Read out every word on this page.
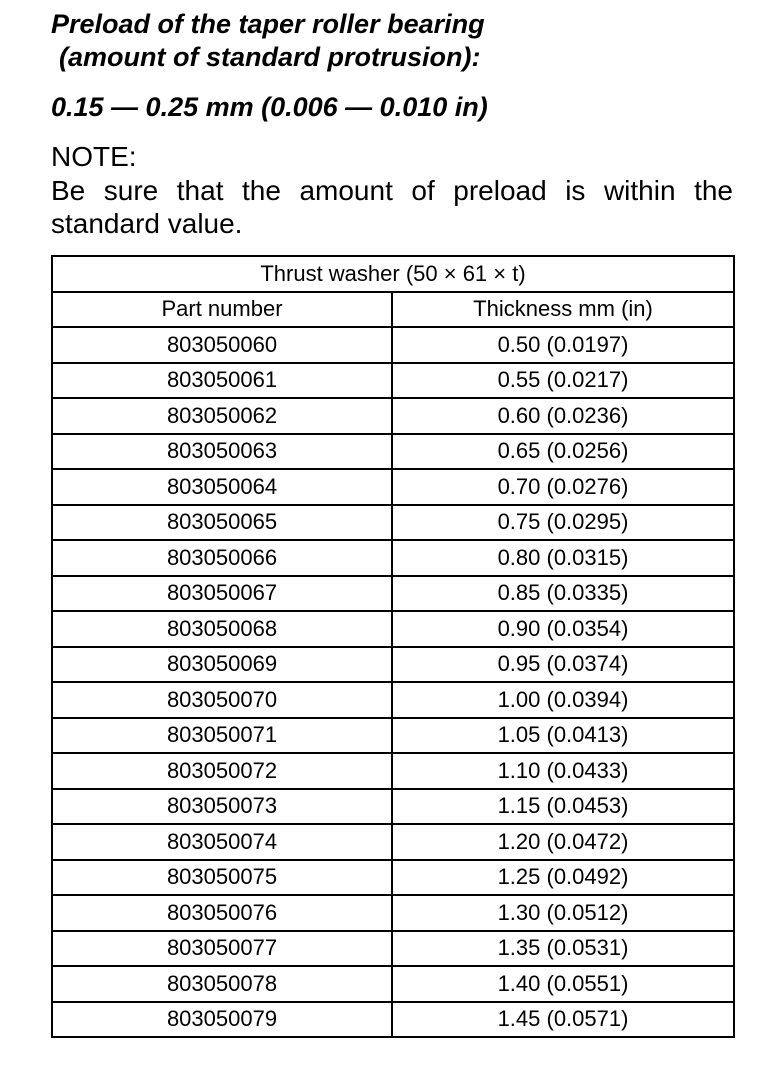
Preload of the taper roller bearing
(amount of standard protrusion):
0.15 — 0.25 mm (0.006 — 0.010 in)
NOTE:
Be sure that the amount of preload is within the standard value.
Thrust washer (50 × 61 × t)	
Part number	Thickness mm (in)
803050060	0.50 (0.0197)
803050061	0.55 (0.0217)
803050062	0.60 (0.0236)
803050063	0.65 (0.0256)
803050064	0.70 (0.0276)
803050065	0.75 (0.0295)
803050066	0.80 (0.0315)
803050067	0.85 (0.0335)
803050068	0.90 (0.0354)
803050069	0.95 (0.0374)
803050070	1.00 (0.0394)
803050071	1.05 (0.0413)
803050072	1.10 (0.0433)
803050073	1.15 (0.0453)
803050074	1.20 (0.0472)
803050075	1.25 (0.0492)
803050076	1.30 (0.0512)
803050077	1.35 (0.0531)
803050078	1.40 (0.0551)
803050079	1.45 (0.0571)
